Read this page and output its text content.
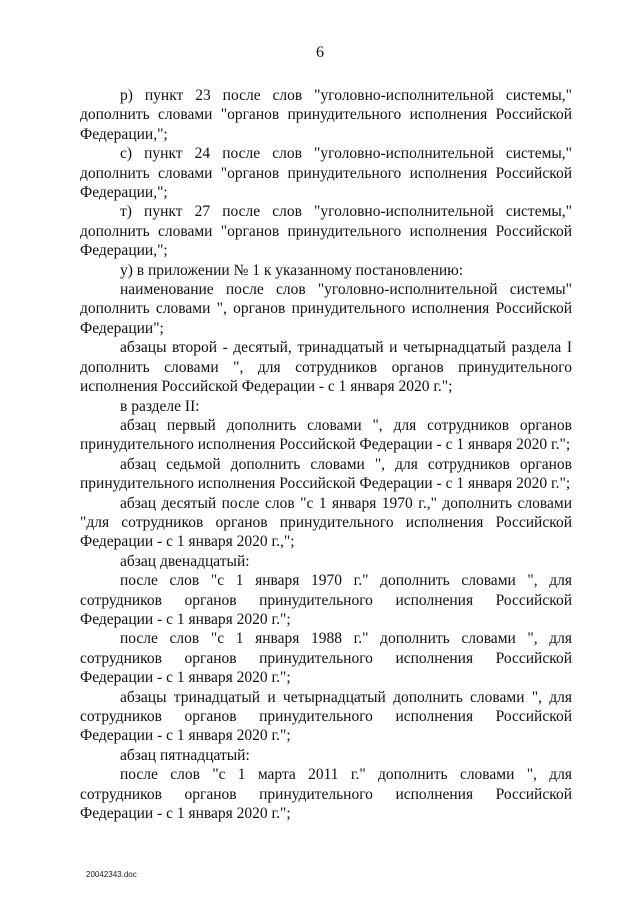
6

р) пункт 23 после слов "уголовно-исполнительной системы," дополнить словами "органов принудительного исполнения Российской Федерации,";

с) пункт 24 после слов "уголовно-исполнительной системы," дополнить словами "органов принудительного исполнения Российской Федерации,";

т) пункт 27 после слов "уголовно-исполнительной системы," дополнить словами "органов принудительного исполнения Российской Федерации,";

у) в приложении № 1 к указанному постановлению:

наименование после слов "уголовно-исполнительной системы" дополнить словами ", органов принудительного исполнения Российской Федерации";

абзацы второй - десятый, тринадцатый и четырнадцатый раздела I дополнить словами ", для сотрудников органов принудительного исполнения Российской Федерации - с 1 января 2020 г.";

в разделе II:

абзац первый дополнить словами ", для сотрудников органов принудительного исполнения Российской Федерации - с 1 января 2020 г.";

абзац седьмой дополнить словами ", для сотрудников органов принудительного исполнения Российской Федерации - с 1 января 2020 г.";

абзац десятый после слов "с 1 января 1970 г.," дополнить словами "для сотрудников органов принудительного исполнения Российской Федерации - с 1 января 2020 г.,";

абзац двенадцатый:

после слов "с 1 января 1970 г." дополнить словами ", для сотрудников органов принудительного исполнения Российской Федерации - с 1 января 2020 г.";

после слов "с 1 января 1988 г." дополнить словами ", для сотрудников органов принудительного исполнения Российской Федерации - с 1 января 2020 г.";

абзацы тринадцатый и четырнадцатый дополнить словами ", для сотрудников органов принудительного исполнения Российской Федерации - с 1 января 2020 г.";

абзац пятнадцатый:

после слов "с 1 марта 2011 г." дополнить словами ", для сотрудников органов принудительного исполнения Российской Федерации - с 1 января 2020 г.";

20042343.doc
